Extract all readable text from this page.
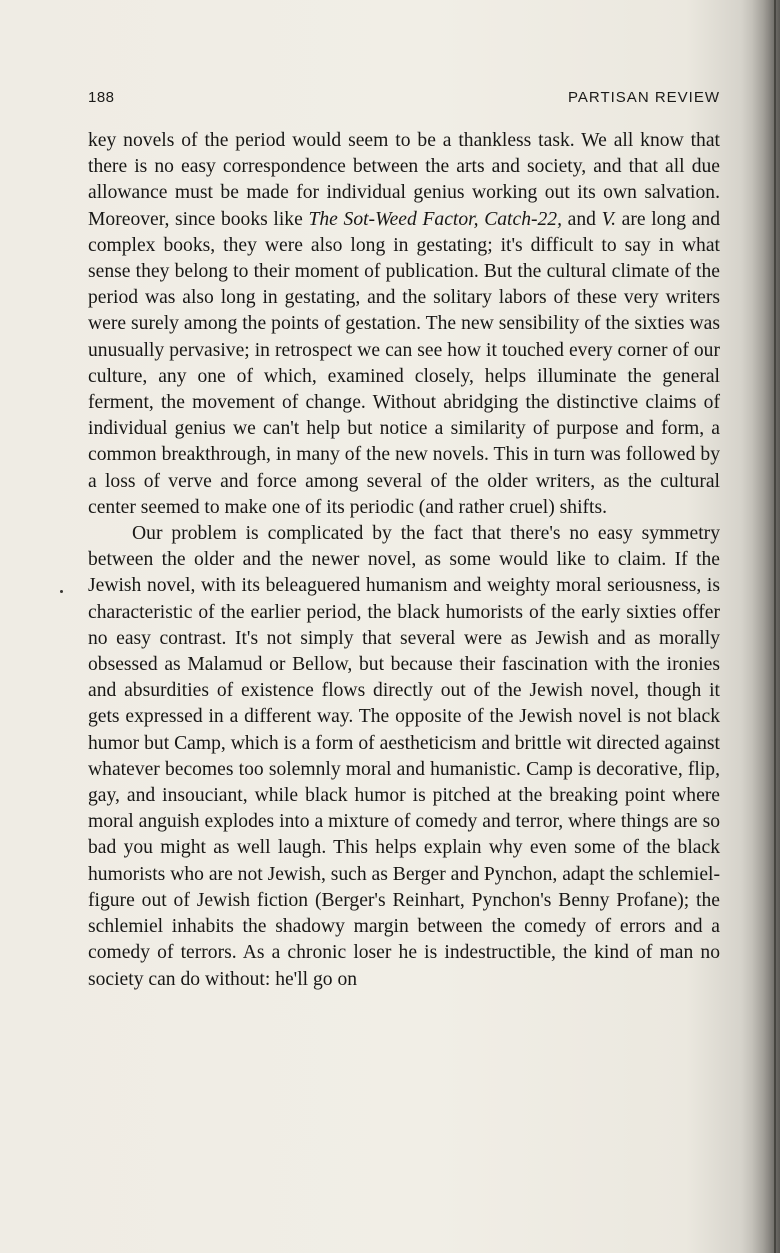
188	PARTISAN REVIEW

key novels of the period would seem to be a thankless task. We all know that there is no easy correspondence between the arts and society, and that all due allowance must be made for individual genius working out its own salvation. Moreover, since books like The Sot-Weed Factor, Catch-22, and V. are long and complex books, they were also long in gestating; it's difficult to say in what sense they belong to their moment of publication. But the cultural climate of the period was also long in gestating, and the solitary labors of these very writers were surely among the points of gestation. The new sensibility of the sixties was unusually pervasive; in retrospect we can see how it touched every corner of our culture, any one of which, examined closely, helps illuminate the general ferment, the movement of change. Without abridging the distinctive claims of individual genius we can't help but notice a similarity of purpose and form, a common breakthrough, in many of the new novels. This in turn was followed by a loss of verve and force among several of the older writers, as the cultural center seemed to make one of its periodic (and rather cruel) shifts.

Our problem is complicated by the fact that there's no easy symmetry between the older and the newer novel, as some would like to claim. If the Jewish novel, with its beleaguered humanism and weighty moral seriousness, is characteristic of the earlier period, the black humorists of the early sixties offer no easy contrast. It's not simply that several were as Jewish and as morally obsessed as Malamud or Bellow, but because their fascination with the ironies and absurdities of existence flows directly out of the Jewish novel, though it gets expressed in a different way. The opposite of the Jewish novel is not black humor but Camp, which is a form of aestheticism and brittle wit directed against whatever becomes too solemnly moral and humanistic. Camp is decorative, flip, gay, and insouciant, while black humor is pitched at the breaking point where moral anguish explodes into a mixture of comedy and terror, where things are so bad you might as well laugh. This helps explain why even some of the black humorists who are not Jewish, such as Berger and Pynchon, adapt the schlemiel-figure out of Jewish fiction (Berger's Reinhart, Pynchon's Benny Profane); the schlemiel inhabits the shadowy margin between the comedy of errors and a comedy of terrors. As a chronic loser he is indestructible, the kind of man no society can do without: he'll go on
